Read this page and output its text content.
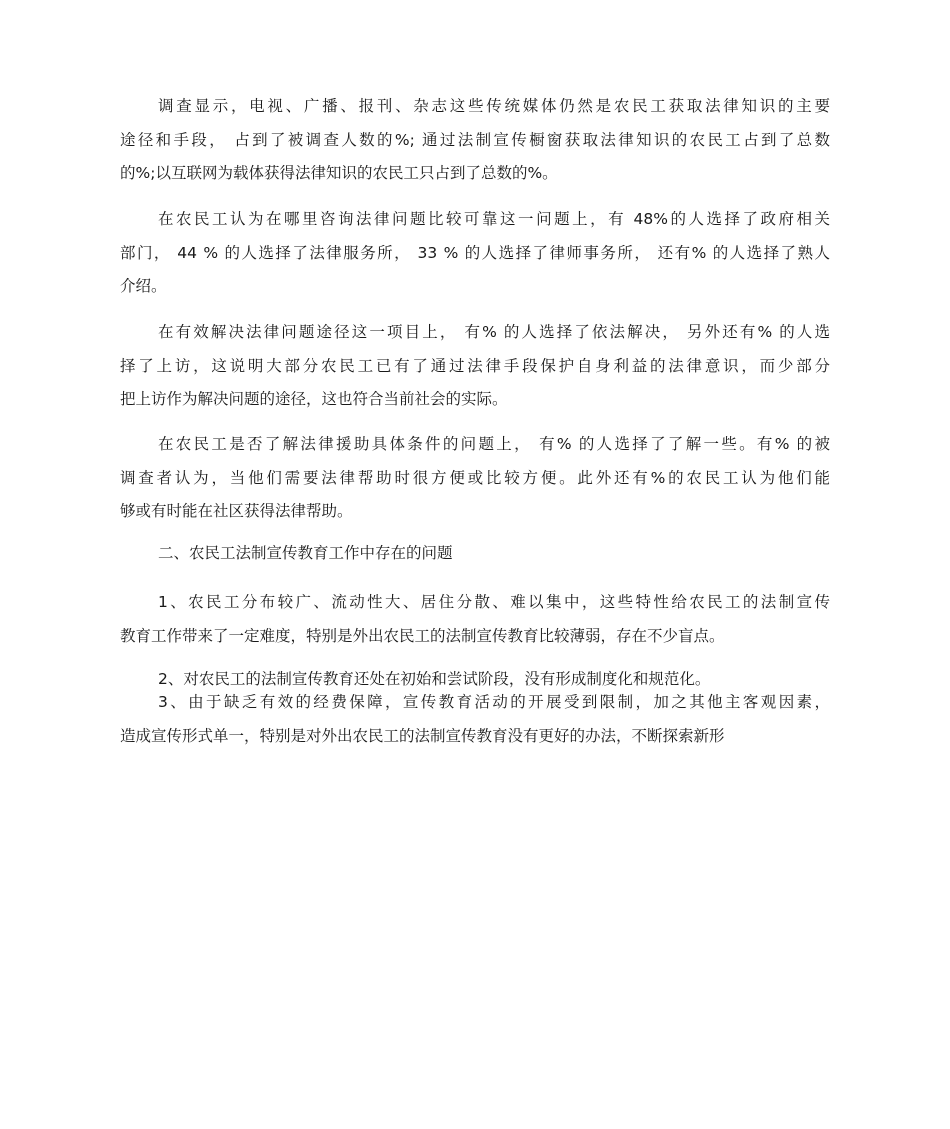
调查显示，电视、广播、报刊、杂志这些传统媒体仍然是农民工获取法律知识的主要
途径和手段， 占到了被调查人数的%; 通过法制宣传橱窗获取法律知识的农民工占到了总数
的%;以互联网为载体获得法律知识的农民工只占到了总数的%。
在农民工认为在哪里咨询法律问题比较可靠这一问题上，有 48%的人选择了政府相关
部门， 44 % 的人选择了法律服务所， 33 % 的人选择了律师事务所， 还有% 的人选择了熟人
介绍。
在有效解决法律问题途径这一项目上， 有% 的人选择了依法解决， 另外还有% 的人选
择了上访，这说明大部分农民工已有了通过法律手段保护自身利益的法律意识，而少部分
把上访作为解决问题的途径，这也符合当前社会的实际。
在农民工是否了解法律援助具体条件的问题上， 有% 的人选择了了解一些。有% 的被
调查者认为，当他们需要法律帮助时很方便或比较方便。此外还有%的农民工认为他们能
够或有时能在社区获得法律帮助。
二、农民工法制宣传教育工作中存在的问题
1、农民工分布较广、流动性大、居住分散、难以集中，这些特性给农民工的法制宣传
教育工作带来了一定难度，特别是外出农民工的法制宣传教育比较薄弱，存在不少盲点。
2、对农民工的法制宣传教育还处在初始和尝试阶段，没有形成制度化和规范化。
3、由于缺乏有效的经费保障，宣传教育活动的开展受到限制，加之其他主客观因素，
造成宣传形式单一，特别是对外出农民工的法制宣传教育没有更好的办法，不断探索新形
